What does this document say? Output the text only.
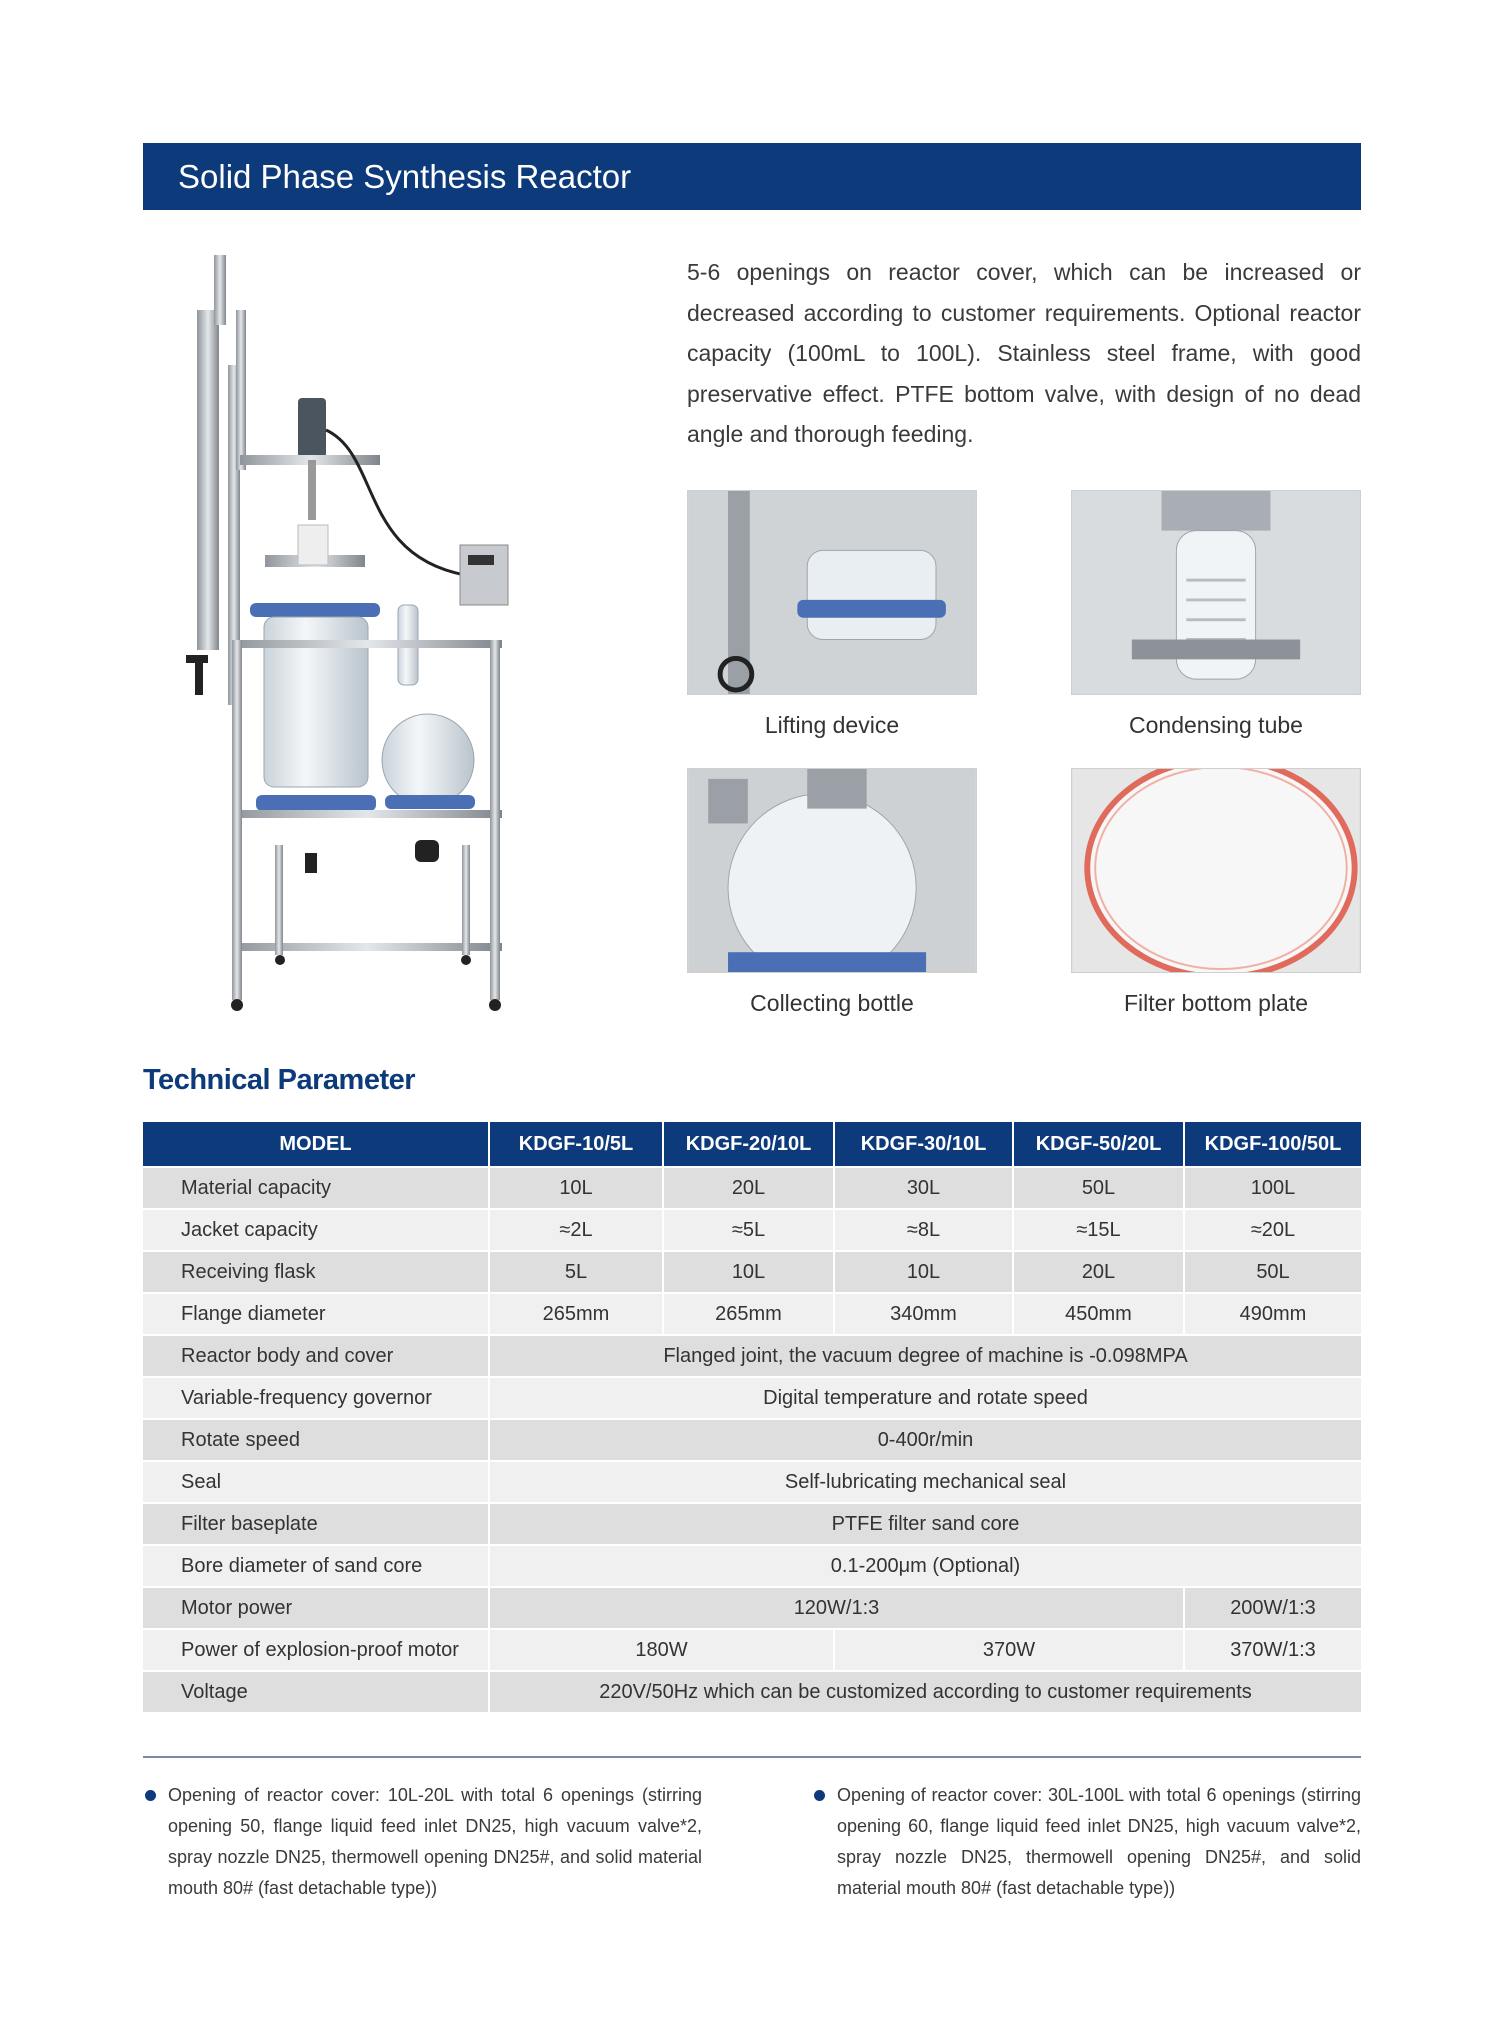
Solid Phase Synthesis Reactor
5-6 openings on reactor cover, which can be increased or decreased according to customer requirements. Optional reactor capacity (100mL to 100L). Stainless steel frame, with good preservative effect. PTFE bottom valve, with design of no dead angle and thorough feeding.
Lifting device	Condensing tube
Collecting bottle	Filter bottom plate
Technical Parameter
MODEL	KDGF-10/5L	KDGF-20/10L	KDGF-30/10L	KDGF-50/20L	KDGF-100/50L
Material capacity	10L	20L	30L	50L	100L
Jacket capacity	≈2L	≈5L	≈8L	≈15L	≈20L
Receiving flask	5L	10L	10L	20L	50L
Flange diameter	265mm	265mm	340mm	450mm	490mm
Reactor body and cover	Flanged joint, the vacuum degree of machine is -0.098MPA				
Variable-frequency governor	Digital temperature and rotate speed				
Rotate speed	0-400r/min				
Seal	Self-lubricating mechanical seal				
Filter baseplate	PTFE filter sand core				
Bore diameter of sand core	0.1-200μm (Optional)				
Motor power	120W/1:3				200W/1:3
Power of explosion-proof motor	180W		370W		370W/1:3
Voltage	220V/50Hz which can be customized according to customer requirements				
Opening of reactor cover: 10L-20L with total 6 openings (stirring opening 50, flange liquid feed inlet DN25, high vacuum valve*2, spray nozzle DN25, thermowell opening DN25#, and solid material mouth 80# (fast detachable type))
Opening of reactor cover: 30L-100L with total 6 openings (stirring opening 60, flange liquid feed inlet DN25, high vacuum valve*2, spray nozzle DN25, thermowell opening DN25#, and solid material mouth 80# (fast detachable type))
